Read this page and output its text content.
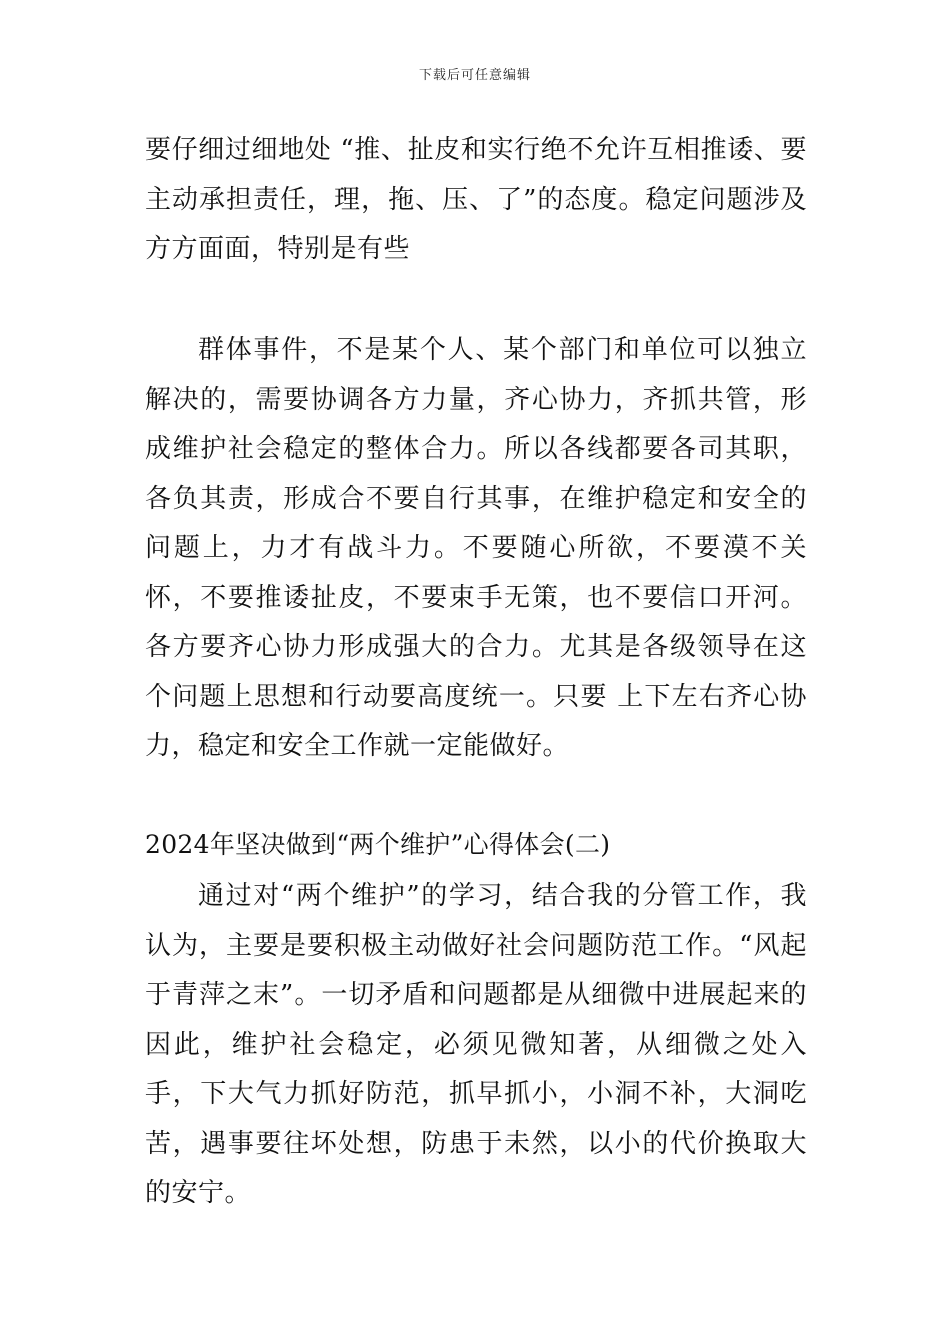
下载后可任意编辑

要仔细过细地处 “推、扯皮和实行绝不允许互相推诿、要主动承担责任，理，拖、压、了”的态度。稳定问题涉及方方面面，特别是有些

群体事件，不是某个人、某个部门和单位可以独立解决的，需要协调各方力量，齐心协力，齐抓共管，形成维护社会稳定的整体合力。所以各线都要各司其职，各负其责，形成合不要自行其事，在维护稳定和安全的问题上，力才有战斗力。不要随心所欲，不要漠不关怀，不要推诿扯皮，不要束手无策，也不要信口开河。各方要齐心协力形成强大的合力。尤其是各级领导在这个问题上思想和行动要高度统一。只要 上下左右齐心协力，稳定和安全工作就一定能做好。

2024年坚决做到“两个维护”心得体会(二)

通过对“两个维护”的学习，结合我的分管工作，我认为，主要是要积极主动做好社会问题防范工作。“风起于青萍之末”。一切矛盾和问题都是从细微中进展起来的因此，维护社会稳定，必须见微知著，从细微之处入手，下大气力抓好防范，抓早抓小，小洞不补，大洞吃苦，遇事要往坏处想，防患于未然，以小的代价换取大的安宁。
